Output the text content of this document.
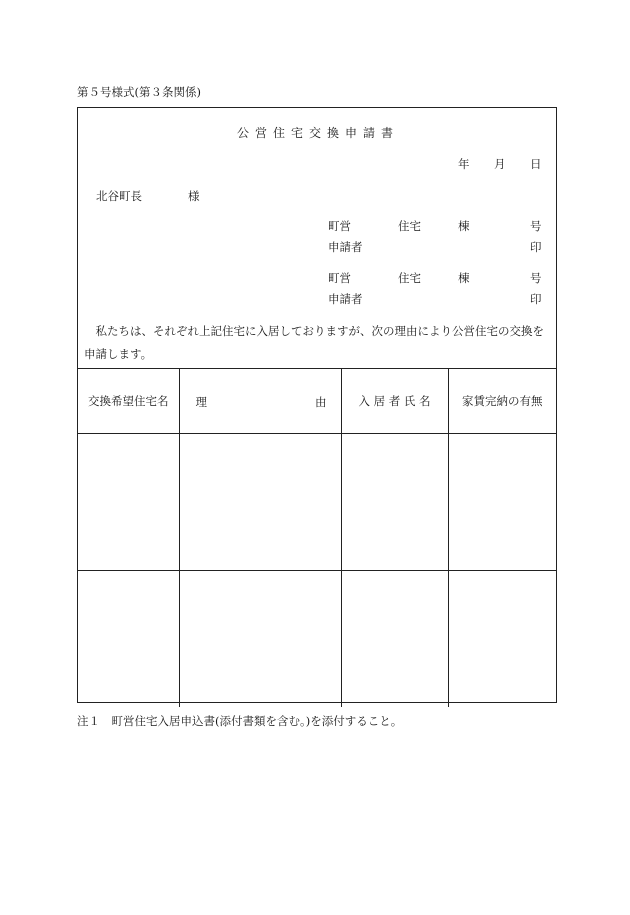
第５号様式(第３条関係)
公営住宅交換申請書
年 月 日
北谷町長	様
町営	住宅	棟	号
申請者	印
町営	住宅	棟	号
申請者	印
　私たちは、それぞれ上記住宅に入居しておりますが、次の理由により公営住宅の交換を申請します。
交換希望住宅名	理 由	入 居 者 氏 名	家賃完納の有無

注１　町営住宅入居申込書(添付書類を含む。)を添付すること。
